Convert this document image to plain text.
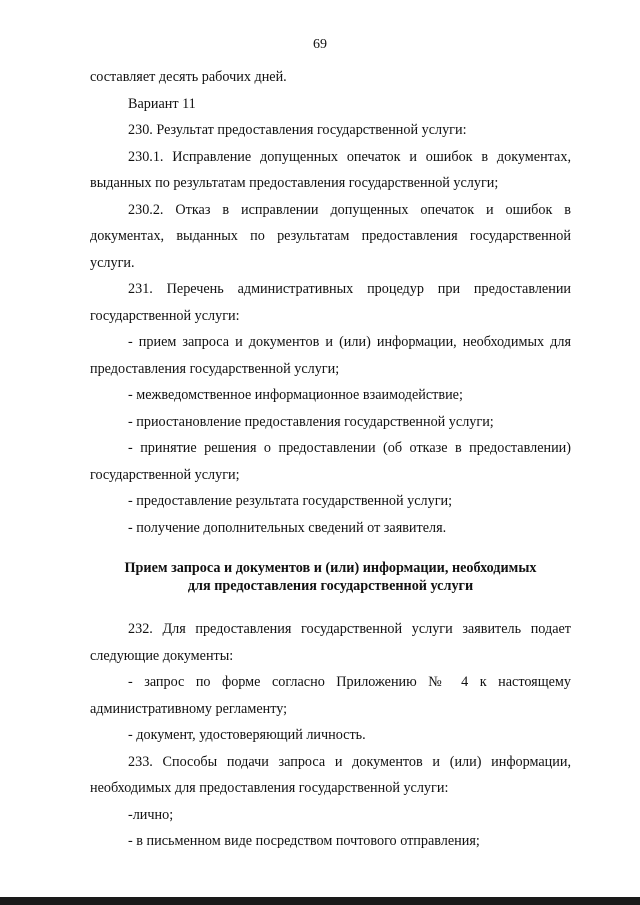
69

составляет десять рабочих дней.

Вариант 11

230. Результат предоставления государственной услуги:

230.1. Исправление допущенных опечаток и ошибок в документах, выданных по результатам предоставления государственной услуги;

230.2. Отказ в исправлении допущенных опечаток и ошибок в документах, выданных по результатам предоставления государственной услуги.

231. Перечень административных процедур при предоставлении государственной услуги:

- прием запроса и документов и (или) информации, необходимых для предоставления государственной услуги;

- межведомственное информационное взаимодействие;

- приостановление предоставления государственной услуги;

- принятие решения о предоставлении (об отказе в предоставлении) государственной услуги;

- предоставление результата государственной услуги;

- получение дополнительных сведений от заявителя.

Прием запроса и документов и (или) информации, необходимых
для предоставления государственной услуги

232. Для предоставления государственной услуги заявитель подает следующие документы:

- запрос по форме согласно Приложению № 4 к настоящему административному регламенту;

- документ, удостоверяющий личность.

233. Способы подачи запроса и документов и (или) информации, необходимых для предоставления государственной услуги:

-лично;

- в письменном виде посредством почтового отправления;
